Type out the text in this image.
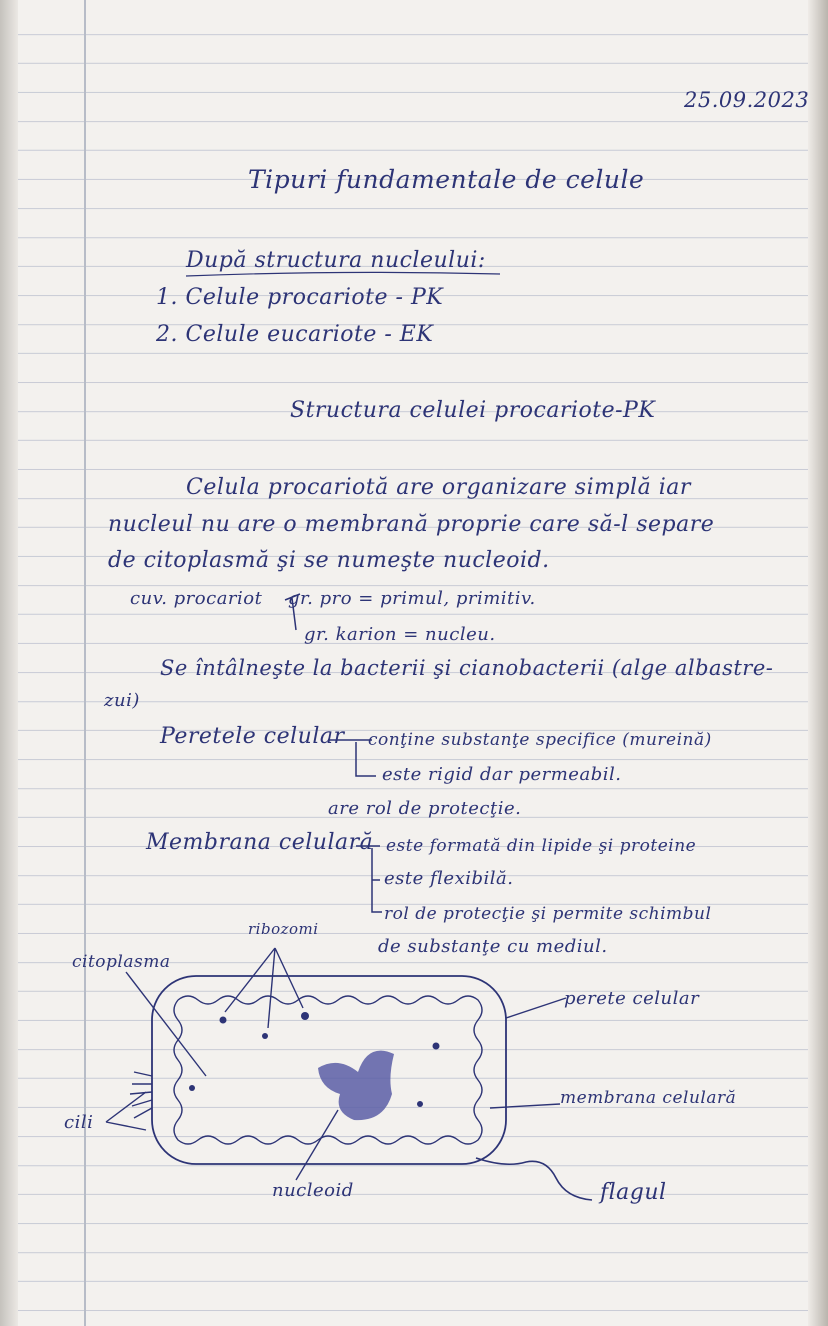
25.09.2023
Tipuri fundamentale de celule
După structura nucleului:
1. Celule procariote - PK
2. Celule eucariote - EK
Structura celulei procariote-PK
Celula procariotă are organizare simplă iar
nucleul nu are o membrană proprie care să-l separe
de citoplasmă şi se numeşte nucleoid.
cuv. procariot gr. pro = primul, primitiv.
gr. karion = nucleu.
Se întâlneşte la bacterii şi cianobacterii (alge albastre-
zui)
Peretele celular conţine substanţe specifice (mureină)
este rigid dar permeabil.
are rol de protecţie.
Membrana celulară este formată din lipide şi proteine
este flexibilă.
rol de protecţie şi permite schimbul
de substanţe cu mediul.
ribozomi
citoplasma
perete celular
membrana celulară
cili
nucleoid	flagul
